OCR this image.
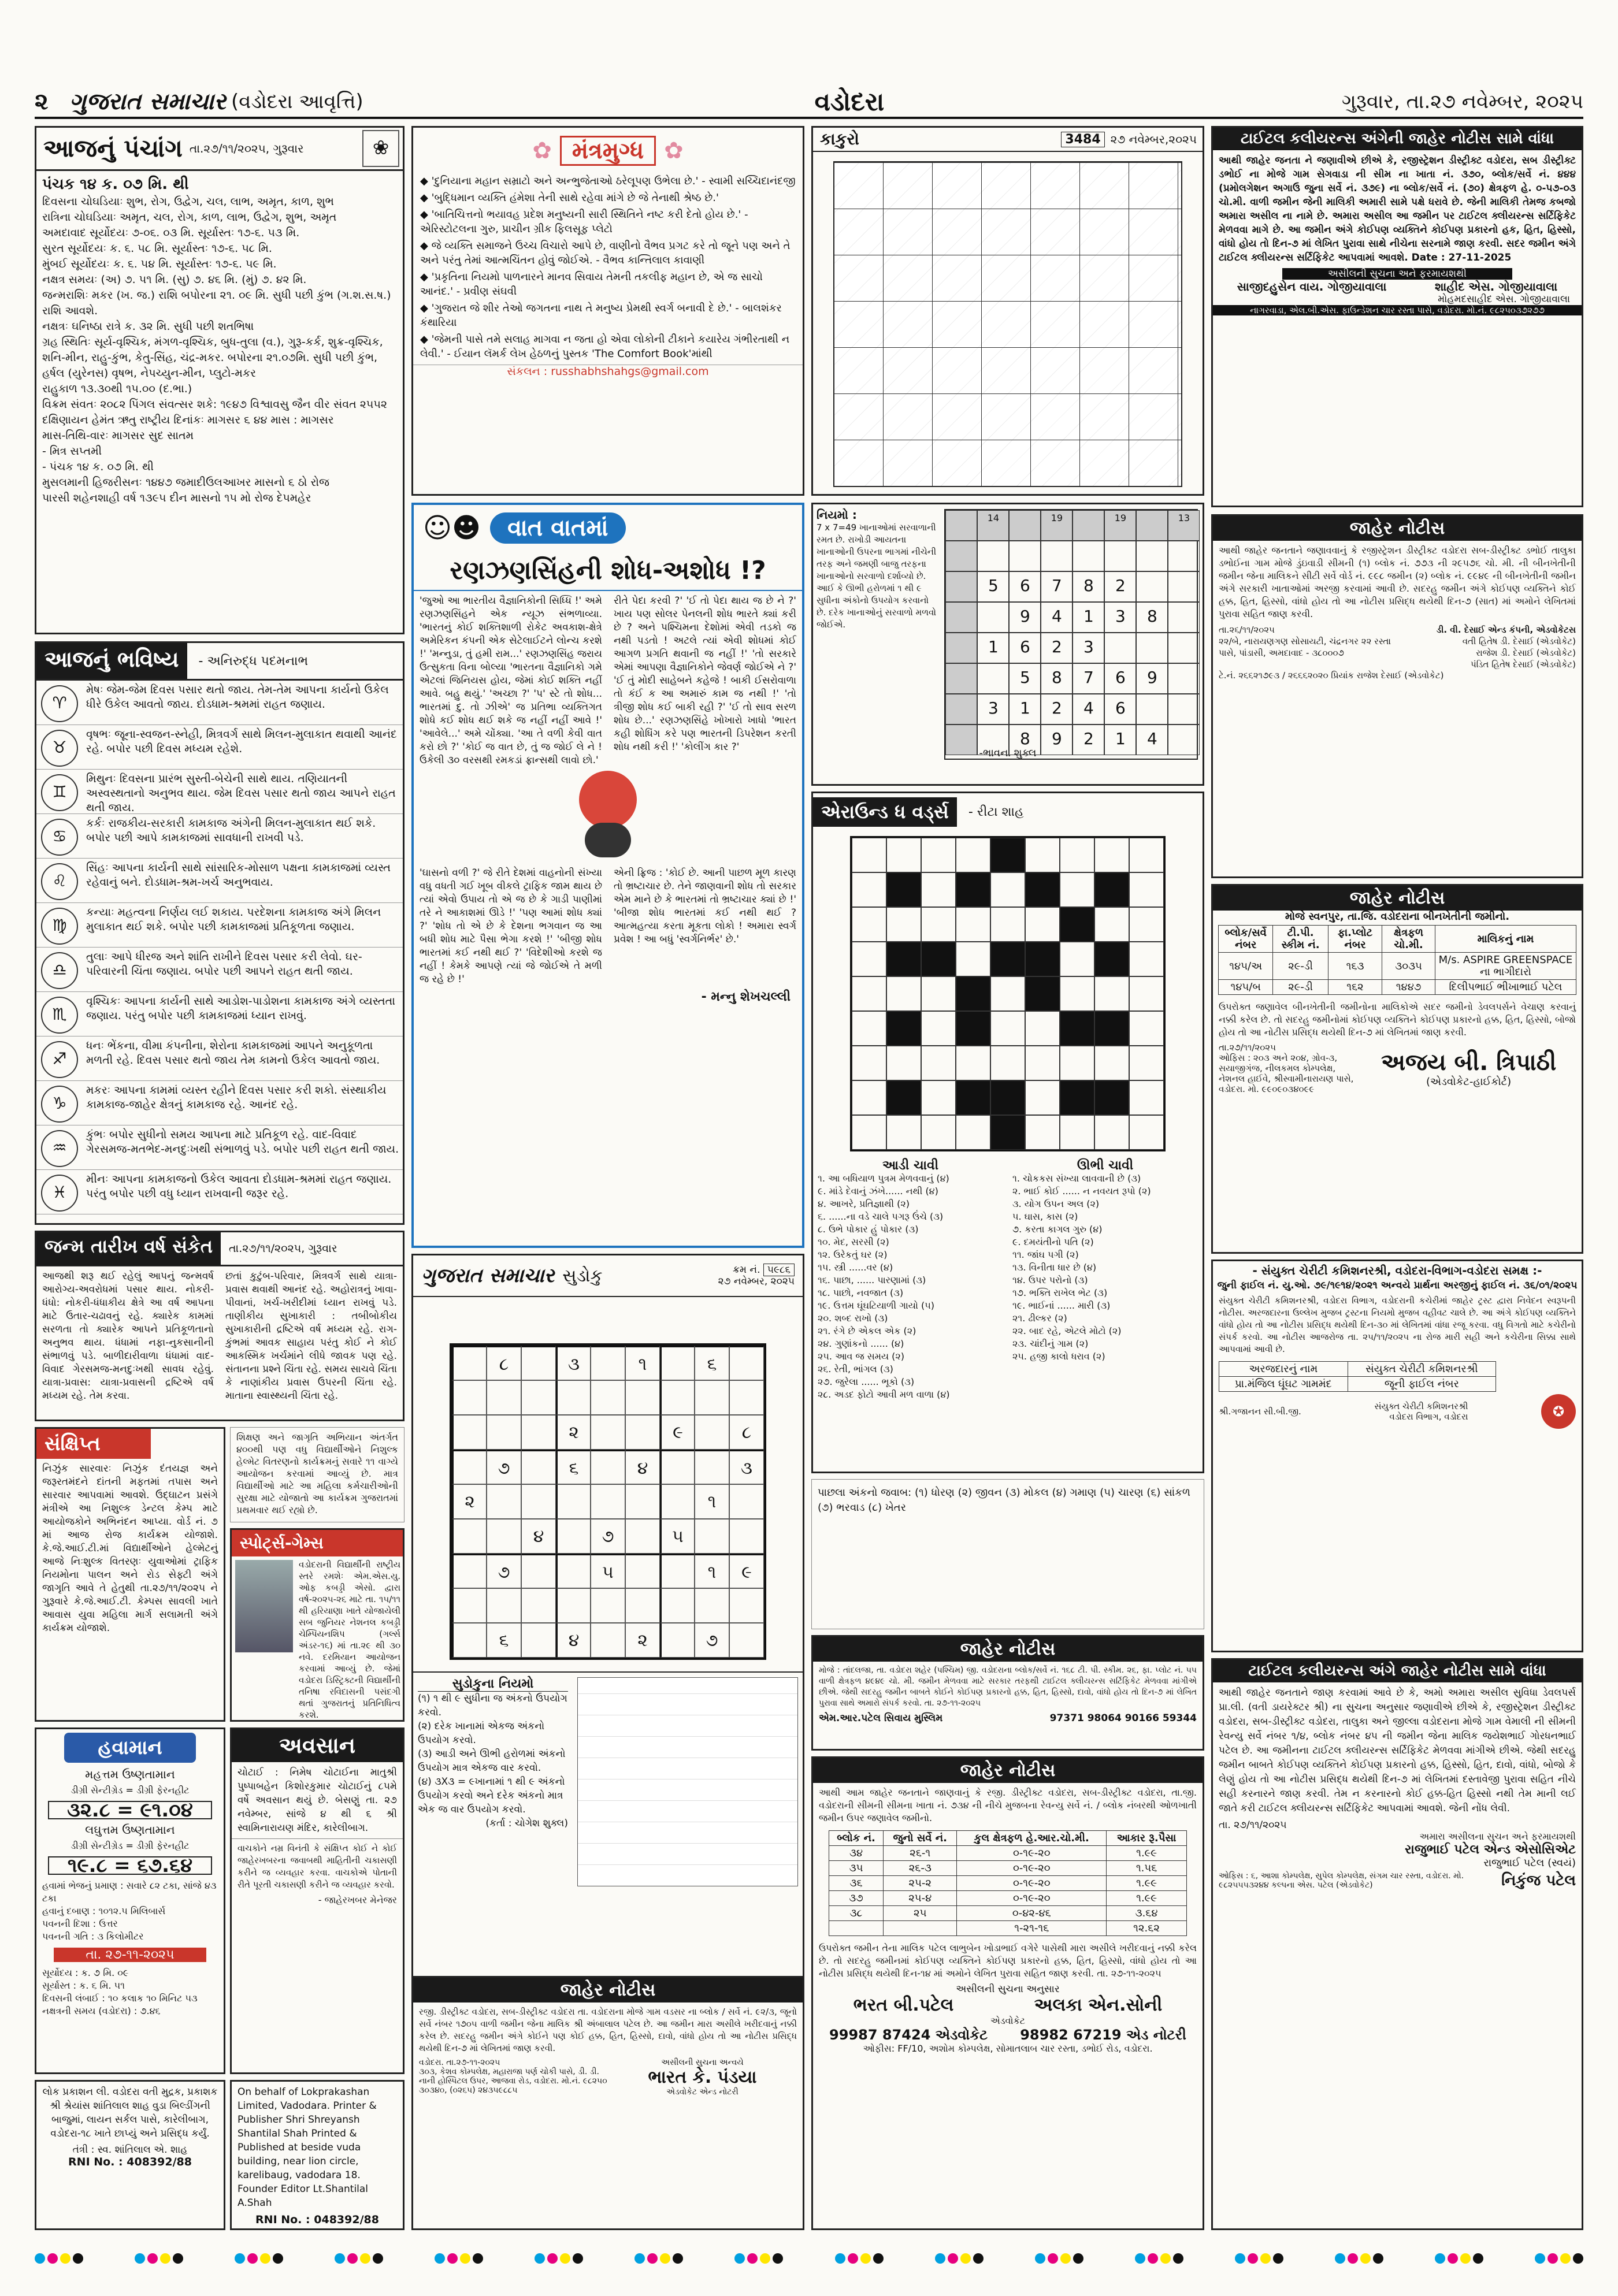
૨ ગુજરાત સમાચાર (વડોદરા આવૃત્તિ)	વડોદરા	ગુરૂવાર, તા.૨૭ નવેમ્બર, ૨૦૨૫
આજનું પંચાંગ તા.૨૭/૧૧/૨૦૨૫, ગુરૂવાર	❀
પંચક ૧૪ ક. ૦૭ મિ. થી
દિવસના ચોઘડિયાઃ શુભ, રોગ, ઉદ્વેગ, ચલ, લાભ, અમૃત, કાળ, શુભ
રાત્રિના ચોઘડિયાઃ અમૃત, ચલ, રોગ, કાળ, લાભ, ઉદ્વેગ, શુભ, અમૃત
અમદાવાદ સૂર્યોદયઃ ૭-૦૬. ૦૩ મિ. સૂર્યાસ્તઃ ૧૭-૬. ૫૩ મિ.
સુરત સૂર્યોદયઃ ક. ૬. ૫૮ મિ. સૂર્યાસ્તઃ ૧૭-૬. ૫૮ મિ.
મુંબઈ સૂર્યોદયઃ ક. ૬. ૫૪ મિ. સૂર્યાસ્તઃ ૧૭-૬. ૫૯ મિ.
નક્ષત્ર સમયઃ (અ) ૭. ૫૧ મિ. (સુ) ૭. ૪૬ મિ. (મું) ૭. ૪૨ મિ.
જન્મરાશિઃ મકર (ખ. જ.) રાશિ બપોરના ૨૧. ૦૯ મિ. સુધી પછી કુંભ (ગ.શ.સ.ષ.) રાશિ આવશે.
નક્ષત્રઃ ઘનિષ્ઠા રાત્રે ક. ૩૨ મિ. સુધી પછી શતભિષા
ગ્રહ સ્થિતિઃ સૂર્ય-વૃશ્ચિક, મંગળ-વૃશ્ચિક, બુધ-તુલા (વ.), ગુરૂ-કર્ક, શુક્ર-વૃશ્ચિક, શનિ-મીન, રાહુ-કુંભ, કેતુ-સિંહ, ચંદ્ર-મકર. બપોરના ૨૧.૦૭મિ. સુધી પછી કુંભ, હર્ષલ (યુરેનસ) વૃષભ, નેપચ્યુન-મીન, પ્લુટો-મકર
રાહુકાળ ૧૩.૩૦થી ૧૫.૦૦ (દ.ભા.)
વિક્રમ સંવતઃ ૨૦૮૨ પિંગલ સંવત્સર શકે: ૧૯૪૭ વિશ્વાવસુ જૈન વીર સંવત ૨૫૫૨ દક્ષિણાયન હેમંત ઋતુ રાષ્ટ્રીય દિનાંકઃ માગસર ૬ ૪૪ માસ : માગસર
માસ-તિથિ-વારઃ માગસર સુદ સાતમ
- મિત્ર સપ્તમી
- પંચક ૧૪ ક. ૦૭ મિ. થી
મુસલમાની હિજરીસનઃ ૧૪૪૭ જમાદીઉલઆખર માસનો ૬ ઠો રોજ
પારસી શહેનશાહી વર્ષ ૧૩૯૫ દીન માસનો ૧૫ મો રોજ દેપમહેર
આજનું ભવિષ્ય	- અનિરુદ્ધ પદમનાભ
♈
મેષઃ જેમ-જેમ દિવસ પસાર થતો જાય. તેમ-તેમ આપના કાર્યનો ઉકેલ ધીરે ઉકેલ આવતો જાય. દોડધામ-શ્રમમાં રાહત જણાય.
♉
વૃષભઃ જૂના-સ્વજન-સ્નેહી, મિત્રવર્ગ સાથે મિલન-મુલાકાત થવાથી આનંદ રહે. બપોર પછી દિવસ મધ્યમ રહેશે.
♊
મિથુનઃ દિવસના પ્રારંભ સુસ્તી-બેચેની સાથે થાય. તણિયાતની અસ્વસ્થતાનો અનુભવ થાય. જેમ દિવસ પસાર થતો જાય આપને રાહત થતી જાય.
♋
કર્કઃ રાજકીય-સરકારી કામકાજ અંગેની મિલન-મુલાકાત થઈ શકે. બપોર પછી આપે કામકાજમાં સાવધાની રાખવી પડે.
♌
સિંહઃ આપના કાર્યની સાથે સાંસારિક-મોસાળ પક્ષના કામકાજમાં વ્યસ્ત રહેવાનું બને. દોડધામ-શ્રમ-ખર્ચ અનુભવાય.
♍
કન્યાઃ મહત્વના નિર્ણય લઈ શકાય. પરદેશના કામકાજ અંગે મિલન મુલાકાત થઈ શકે. બપોર પછી કામકાજમાં પ્રતિકૂળતા જણાય.
♎
તુલાઃ આપે ધીરજ અને શાંતિ રાખીને દિવસ પસાર કરી લેવો. ઘર-પરિવારની ચિંતા જણાય. બપોર પછી આપને રાહત થતી જાય.
♏
વૃશ્ચિકઃ આપના કાર્યની સાથે આડોશ-પાડોશના કામકાજ અંગે વ્યસ્તતા જણાય. પરંતુ બપોર પછી કામકાજમાં ધ્યાન રાખવું.
♐
ધનઃ ભેંકના, વીમા કંપનીના, શેરોના કામકાજમાં આપને અનુકૂળતા મળતી રહે. દિવસ પસાર થતો જાય તેમ કામનો ઉકેલ આવતો જાય.
♑
મકરઃ આપના કામમાં વ્યસ્ત રહીને દિવસ પસાર કરી શકો. સંસ્થાકીય કામકાજ-જાહેર ક્ષેત્રનું કામકાજ રહે. આનંદ રહે.
♒
કુંભઃ બપોર સુધીનો સમય આપના માટે પ્રતિકૂળ રહે. વાદ-વિવાદ ગેરસમજ-મતભેદ-મનદુઃખથી સંભાળવું પડે. બપોર પછી રાહત થતી જાય.
♓
મીનઃ આપના કામકાજનો ઉકેલ આવતા દોડધામ-શ્રમમાં રાહત જણાય. પરંતુ બપોર પછી વધુ ધ્યાન રાખવાની જરૂર રહે.
જન્મ તારીખ વર્ષ સંકેત	તા.૨૭/૧૧/૨૦૨૫, ગુરૂવાર
આજથી શરૂ થઈ રહેલું આપનું જન્મવર્ષ આરોગ્ય-અવરોધમાં પસાર થાય. નોકરી-ધંધો: નોકરી-ધંધાકીય ક્ષેત્રે આ વર્ષ આપના માટે ઉતાર-ચઢાવનું રહે. ક્યારેક કામમાં સરળતા તો ક્યારેક આપને પ્રતિકૂળતાનો અનુભવ થાય. ધંધામાં નફા-નુકસાનીની સંભાળવું પડે. બાળીદારીવાળા ધંધામાં વાદ-વિવાદ ગેરસમજ-મનદુઃખથી સાવધ રહેવું. યાત્રા-પ્રવાસ: યાત્રા-પ્રવાસની દ્રષ્ટિએ વર્ષ મધ્યમ રહે. તેમ કરવા.
છતાં કુટુંબ-પરિવાર, મિત્રવર્ગ સાથે યાત્રા-પ્રવાસ થવાથી આનંદ રહે. અહોરાત્રનું ખાવા-પીવાનાં, ખર્ચ-ખરીદીમાં ધ્યાન રાખવું પડે. તાણીકીય સુખાકારી : તબીબોકીય સુખાકારીની દ્રષ્ટિએ વર્ષ મધ્યમ રહે. રાગ-કુંભમાં આવક સાહાય પરંતુ કોઈ ને કોઈ આકસ્મિક ખર્ચમાંને લીધે જાવક પણ રહે. સંતાનના પ્રશ્ને ચિંતા રહે. સમય સાચવે ચિંતા કે નાણાંકીય પ્રવાસ ઉપરની ચિંતા રહે. માતાના સ્વાસ્થ્યની ચિંતા રહે.
સંક્ષિપ્ત
નિઝુંક સારવારઃ નિઝુંક દંતયજ્ઞ અને જરૂરતમંદને દાંતની મફતમાં તપાસ અને સારવાર આપવામાં આવશે. ઉદ્ઘાટન પ્રસંગે મંત્રીએ આ નિશુલ્ક ડેન્ટલ કેમ્પ માટે આયોજકોને અભિનંદન આપ્યા. વોર્ડ નં. ૭ માં આજ રોજ કાર્યક્રમ યોજાશે. કે.જે.આઈ.ટી.માં વિદ્યાર્થીઓને હેલ્મેટનું આજે નિઃશુલ્ક વિતરણઃ યુવાઓમાં ટ્રાફિક નિયમોના પાલન અને રોડ સેફ્ટી અંગે જાગૃતિ આવે તે હેતુથી તા.૨૭/૧૧/૨૦૨૫ ને ગુરૂવારે કે.જે.આઈ.ટી. કેમ્પસ સાવલી ખાતે આવાસ યુવા મહિલા માર્ગ સલામતી અંગે કાર્યક્રમ યોજાશે.
શિક્ષણ અને જાગૃતિ અભિયાન અંતર્ગત ૪૦૦થી પણ વધુ વિદ્યાર્થીઓને નિશુલ્ક હેલ્મેટ વિતરણનો કાર્યક્રમનું સવારે ૧૧ વાગ્યે આયોજન કરવામાં આવ્યું છે. માત્ર વિદ્યાર્થીઓ માટે આ મહિલા કર્મચારીઓની સુરક્ષા માટે યોજાતો આ કાર્યક્રમ ગુજરાતમાં પ્રથમવાર થઈ રહ્યો છે.
સ્પોર્ટ્સ-ગેમ્સ
વડોદરાની વિદ્યાર્થીની રાષ્ટ્રીય સ્તરે રમશેઃ એમ.એસ.યુ. ઓફ કબડ્ડી એસો. દ્વારા વર્ષ-૨૦૨૫-૨૬ માટે તા. ૧૫/૧૧ થી હરિયાણા ખાતે યોજાયેલી સબ જુનિયર નેશનલ કબડ્ડી ચેમ્પિયનશિપ (ગર્લ્સ અંડર-૧૬) માં તા.૨૯ થી ૩૦ નવે. દરમિયાન આયોજન કરવામાં આવ્યું છે. જેમાં વડોદરા ડિસ્ટ્રિક્ટની વિદ્યાર્થીની તનિષા રવિદાસની પસંદગી થતાં ગુજરાતનું પ્રતિનિધિત્વ કરશે.
હવામાન
મહત્તમ ઉષ્ણતામાન
ડીગ્રી સેન્ટીગ્રેડ = ડીગ્રી ફેરનહીટ
૩૨.૮ = ૯૧.૦૪
લઘુત્તમ ઉષ્ણતામાન
ડીગ્રી સેન્ટીગ્રેડ = ડીગ્રી ફેરનહીટ
૧૯.૮ = ૬૭.૬૪
હવામાં ભેજનું પ્રમાણ : સવારે ૮૨ ટકા, સાંજે ૪૩ ટકા
હવાનું દબાણ : ૧૦૧૨.૫ મિલિબાર્સ
પવનની દિશા : ઉત્તર
પવનની ગતિ : ૩ કિલોમીટર
તા. ૨૭-૧૧-૨૦૨૫
સૂર્યોદય : ક. ૭ મિ. ૦૯
સૂર્યાસ્ત : ક. ૬ મિ. ૫૧
દિવસની લંબાઈ : ૧૦ કલાક ૧૦ મિનિટ ૫૩
નક્ષત્રની સમય (વડોદરા) : ૭.૪૬
અવસાન
ચોટાઈ : નિમેષ ચોટાઈના માતુશ્રી પુષ્પાબહેન કિશોરકુમાર ચોટાઈનું ૮૫મે વર્ષે અવસાન થયું છે. બેસણું તા. ૨૭ નવેમ્બર, સાંજે ૪ થી ૬ શ્રી સ્વામિનારાયણ મંદિર, કારેલીબાગ.
વાચકોને નમ્ર વિનંતી કે સંક્ષિપ્ત કોઈ ને કોઈ જાહેરખબરના જવાબથી માહિતીની ચકાસણી કરીને જ વ્યવહાર કરવા. વાચકોએ પોતાની રીતે પૂરતી ચકાસણી કરીને જ વ્યવહાર કરવો.
- જાહેરખબર મેનેજર
લોક પ્રકાશન લી. વડોદરા વતી મુદ્રક, પ્રકાશક શ્રી શ્રેયાંસ શાંતિલાલ શાહ વુડા બિલ્ડીંગની બાજુમાં, લાયન સર્કલ પાસે, કારેલીબાગ, વડોદરા-૧૮ ખાતે છાપ્યું અને પ્રસિદ્ધ કર્યું.
તંત્રી : સ્વ. શાંતિલાલ એ. શાહ
RNI No. : 408392/88
On behalf of Lokprakashan Limited, Vadodara. Printer & Publisher Shri Shreyansh Shantilal Shah Printed & Published at beside vuda building, near lion circle, karelibaug, vadodara 18. Founder Editor Lt.Shantilal A.Shah
RNI No. : 048392/88
✿ મંત્રમુગ્ધ ✿
◆ 'દુનિયાના મહાન સમ્રાટો અને અન્ભુજેતાઓ ઠરેલૂપણ ઉભેલા છે.' - સ્વામી સચ્ચિદાનંદજી
◆ 'બુદ્ધિમાન વ્યક્તિ હંમેશા તેની સાથે રહેવા માંગે છે જે તેનાથી શ્રેષ્ઠ છે.'
◆ 'બાતિચિત્તનો ભયાવહ પ્રદેશ મનુષ્યની સારી સ્થિતિને નષ્ટ કરી દેતો હોય છે.' - એરિસ્ટોટલના ગુરુ, પ્રાચીન ગ્રીક ફિલસૂફ પ્લેટો
◆ જે વ્યક્તિ સમાજને ઉચ્ચ વિચારો આપે છે, વાણીનો વૈભવ પ્રગટ કરે તો જૂને પણ અને તે અને પરંતુ તેમાં આત્મચિંતન હોવું જોઈએ. - વૈભવ કાન્તિલાલ કાવાણી
◆ 'પ્રકૃતિના નિયમો પાળનારને માનવ સિવાય તેમની તકલીફ મહાન છે, એ જ સાચો આનંદ.' - પ્રવીણ સંઘવી
◆ 'ગુજરાત જે શીર તેઓ જગતના નાથ તે મનુષ્ય પ્રેમથી સ્વર્ગ બનાવી દે છે.' - બાલશંકર કંથારિયા
◆ 'જેમની પાસે તમે સલાહ માગવા ન જતા હો એવા લોકોની ટીકાને કયારેય ગંભીરતાથી ન લેવી.' - ઈયાન લૅમર્ક લેખ હેઠળનું પુસ્તક 'The Comfort Book'માંથી
સંકલન : russhabhshahgs@gmail.com
☺☻	વાત વાતમાં
રણઝણસિંહની શોધ-અશોધ !?
'જુઓ આ ભારતીય વૈજ્ઞાનિકોની સિધ્ધિ !' અમે રણઝણસિંહને એક ન્યૂઝ સંભળાવ્યા. 'ભારતનું કોઈ શક્તિશાળી રોકેટ અવકાશ-ક્ષેત્રે અમેરિકન કંપની એક સેટેલાઈટને લોન્ચ કરશે !' 'મન્નુડા, તું હમી રામ...' રણઝણસિંહ જરાય ઉત્સુકતા વિના બોલ્યા 'ભારતના વૈજ્ઞાનિકો ગમે એટલાં જિનિયસ હોય, જેમાં કોઈ શક્તિ નહીં આવે. બહુ થયું.' 'અચ્છા ?' 'પ' સ્ટે તો શોધ... ભારતમાં દુ. તો ઝીએ' જ પ્રતિભા વ્યક્તિગત શોધે કઈ શોધ થઈ શકે જ નહીં નહીં આવે !' 'આવેલે...' અમે ચોંક્યા. 'આ તે વળી કેવી વાત કરો છો ?' 'કોઈ જ વાત છે, તું જ જોઈ લે ને ! ઉકેલી ૩૦ વરસથી રમકડાં ફ્રાન્સથી લાવો છો.'
રીતે પેદા કરવી ?' 'ઈ તો પેદા થાય જ છે ને ?' ખાય પણ સોલર પેનલની શોધ ભારતે ક્યાં કરી છે ? અને પશ્ચિમના દેશોમાં એવી તડકો જ નથી પડતો ! અટલે ત્યાં એવી શોધમાં કોઈ આગળ પ્રગતિ થવાની જ નહીં !' 'તો સરકારે એમાં આપણા વૈજ્ઞાનિકોને જેવર્ણ જોઈએ ને ?' 'ઈ તું મોદી સાહેબને કહેજે ! બાકી ઈસરોવાળા તો કંઈ ક આ અમારું કામ જ નથી !' 'તો ત્રીજી શોધ કઈ બાકી રહી ?' 'ઈ તો સાવ સરળ શોધ છે...' રણઝણસિંહે ખોખારો ખાધો 'ભારત કહી શોધિંગ કરે પણ ભારતની ડિપરેશન કરતી શોધ નથી કરી !' 'કોલીંગ કાર ?'
'ઘાસનો વળી ?' જે રીતે દેશમાં વાહનોની સંખ્યા વધુ વધતી ગઈ ખૂબ વીકલે ટ્રાફિક જામ થાય છે ત્યાં એવો ઉપાય તો એ જ છે કે ગાડી પાણીમાં તરે ને આકાશમાં ઊડે !' 'પણ આમાં શોધ ક્યાં ?' 'શોધ તો એ છે કે દેશના ભગવાન જ આ બધી શોધ માટે પૈસા ભેગા કરશે !' 'બીજી શોધ ભારતમાં કઈ નથી થઈ ?' 'વિદેશીઓ કરશે જ નહીં ! કેમકે આપણે ત્યાં જે જોઈએ તે મળી જ રહે છે !'
એની ફ્રિજ : 'કોઈ છે. આની પાછળ મૂળ કારણ તો ભ્રષ્ટાચાર છે. તેને જાણવાની શોધ તો સરકાર એમ માને છે કે ભારતમાં તો ભ્રષ્ટાચાર ક્યાં છે !' 'બીજા શોધ ભારતમાં કઈ નથી થઈ ? આત્મહત્યા કરતા મૂકતા લોકો ! અમારા સ્વર્ગ પ્રવેશ ! આ બધું 'સ્વર્ગનિર્ભર' છે.'
- મન્નુ શેખચલ્લી
ગુજરાત સમાચાર સુડોકુ	ક્રમ નં. ૫૯૮૬
૨૭ નવેમ્બર, ૨૦૨૫
૮	૩	૧	૬
૨	૯	૮
૭	૬	૪	૩
૨	૧
૪	૭	૫
૭	૫	૧	૯
૬	૪	૨	૭
સુડોકુના નિયમો
(૧) ૧ થી ૯ સુધીના જ અંકનો ઉપયોગ કરવો.
(૨) દરેક ખાનામાં એકજ અંકનો ઉપયોગ કરવો.
(૩) આડી અને ઊભી હરોળમાં અંકનો ઉપયોગ માત્ર એકજ વાર કરવો.
(૪) ૩X૩ = ૯ખાનામાં ૧ થી ૯ અંકનો ઉપયોગ કરવો અને દરેક અંકનો માત્ર એક જ વાર ઉપયોગ કરવો.
(કર્તા : ચોગેશ શુક્લ)
કાકુરો	3484 ૨૭ નવેમ્બર,૨૦૨૫
નિયમો :
7 x 7=49 ખાનાઓમાં સરવાળાની રમત છે. રાખોડી આયતના ખાનાઓની ઉપરના ભાગમાં નીચેની તરફ અને જમણી બાજુ તરફના ખાનાઓનો સરવાળો દર્શાવ્યો છે. આઈ કે ઊભી હરોળમાં ૧ થી ૯ સુધીના અંકોનો ઉપયોગ કરવાનો છે. દરેક ખાનાઓનું સરવાળો મળવો જોઈએ.
14	19	19	13
5	6	7	8	2
9	4	1	3	8
1	6	2	3
5	8	7	6	9
3	1	2	4	6
8	9	2	1	4
-ભાવના શુક્લ
એરાઉન્ડ ધ વર્ડ્સ	- રીટા શાહ
આડી ચાવી
૧. આ બધિયાળ પુત્રમ મેળવવાનું (૪)
૯. માંડે દેવાનું ઝંખે...... નથી (૪)
૪. આખરે, પ્રતિજ્ઞાથી (૨)
૬. ......ના વડે ચાલે પગરૂ ઉંચે (૩)
૮. ઉભે પોકાર હું પોકાર (૩)
૧૦. મેદ, સરસી (૨)
૧૨. ઉરેકતું ઘર (૨)
૧૫. સ્ત્રી ......વર (૪)
૧૬. પાછા, ...... પારણામાં (૩)
૧૮. પાછો, નવજાત (૩)
૧૯. ઉત્તમ ઘૂંઘટિયાળી ગાયો (૫)
૨૦. શબ્દ રાખો (૩)
૨૧. રંગે છે એકલ એક (૨)
૨૪. ગુણાંકનો ...... (૪)
૨૫. આવ જ સમય (૨)
૨૬. રેતી, ભાંગલ (૩)
૨૭. જુરેલા ...... ભૂકો (૩)
૨૮. અડદ ફોટો આવી મળ વાળા (૪)
ઊભી ચાવી
૧. ચોકકસ સંખ્યા લાવવાની છે (૩)
૨. ભાઈ કોઈ ...... ન નવયત રૂપો (૨)
૩. યોગ ઉપન અલ (૨)
૫. ઘાસ, કાસ (૨)
૭. કરતા કાગલ ગુરુ (૪)
૯. દમયંતીનો પતિ (૨)
૧૧. જાંઘ પગી (૨)
૧૩. વિનીતા ધાર છે (૪)
૧૪. ઉપર પરોનો (૩)
૧૭. ભક્તિ રાખેલ ભેટ (૩)
૧૯. ભાઈનાં ...... મારી (૩)
૨૧. ઢીલ્કર (૨)
૨૨. બાદ રહે, એટલે મોટો (૨)
૨૩. ચાંદીનું ગામ (૨)
૨૫. હજી કાલો ધરાવ (૨)
પાછલા અંકનો જવાબ: (૧) ધોરણ (૨) જીવન (૩) મોકલ (૪) ગમાણ (૫) ચારણ (૬) સાંકળ (૭) ભરવાડ (૮) ખેતર
જાહેર નોટીસ
મોજે : તાંદલજા, તા. વડોદરા શહેર (પશ્ચિમ) જી. વડોદરાના બ્લોક/સર્વે નં. ૧૬૮ ટી. પી. સ્કીમ. ૨૬, ફા. પ્લોટ નં. ૫૫ વાળી ક્ષેત્રફળ ૪૯૪૯ ચો. મી. જમીન મેળવવા માટે સરકાર તરફથી ટાઈટલ ક્લીયરન્સ સર્ટિફિકેટ મેળવવા માંગીએ છીએ. જેથી સદરહુ જમીન બાબતે કોઈને કોઈપણ પ્રકારનો હક્ક, હિત, હિસ્સો, દાવો, વાંધો હોય તો દિન-૭ માં લેખિત પુરાવા સાથે અમારો સંપર્ક કરવો. તા. ૨૭-૧૧-૨૦૨૫
એમ.આર.પટેલ સિવાય મુસ્લિમ	97371 98064 90166 59344
જાહેર નોટીસ
આથી આમ જાહેર જનતાને જાણવાનું કે રજી. ડીસ્ટ્રીક્ટ વડોદરા, સબ-ડીસ્ટ્રીક્ટ વડોદરા, તા.જી. વડોદરાની સીમની સીમના ખાતા નં. ૭૩૪ ની નીચે મુજબના રેવન્યુ સર્વે નં. / બ્લોક નંબરથી ઓળખાતી જમીન ઉપર જણાવેલ જમીનો.
બ્લોક નં.	જુનો સર્વે નં.	કુલ ક્ષેત્રફળ હે.આર.ચો.મી.	આકાર રૂ.પૈસા
૩૪	૨૬-૧	૦-૧૯-૨૦	૧.૯૯
૩૫	૨૬-૩	૦-૧૯-૨૦	૧.૫૬
૩૬	૨૫-૨	૦-૧૯-૨૦	૧.૯૯
૩૭	૨૫-૪	૦-૧૯-૨૦	૧.૯૯
૩૮	૨૫	૦-૪૨-૪૬	૩.૬૪
		૧-૨૧-૧૬	૧૨.૬૨
ઉપરોક્ત જમીન તેના માલિક પટેલ લાભુબેન ખોડાભાઈ વગેરે પાસેથી મારા અસીલે ખરીદવાનું નક્કી કરેલ છે. તો સદરહુ જમીનમાં કોઈપણ વ્યક્તિને કોઈપણ પ્રકારનો હક્ક, હિત, હિસ્સો, વાંધો હોય તો આ નોટીસ પ્રસિદ્ધ થયેથી દિન-૧૪ માં અમોને લેખિત પુરાવા સહિત જાણ કરવી. તા. ૨૭-૧૧-૨૦૨૫
અસીલની સુચના અનુસાર
ભરત બી.પટેલ	અલકા એન.સોની
એડવોકેટ
99987 87424 એડવોકેટ 98982 67219 એડ નોટરી
ઓફીસ: FF/10, અશોમ કોમ્પલેક્ષ, સોમાતલાબ ચાર રસ્તા, ડભોઈ રોડ, વડોદરા.
ટાઈટલ કલીયરન્સ અંગેની જાહેર નોટીસ સામે વાંધા
આથી જાહેર જનતા ને જણાવીએ છીએ કે, રજીસ્ટ્રેશન ડીસ્ટ્રીક્ટ વડોદરા, સબ ડીસ્ટ્રીક્ટ ડભોઈ ના મોજે ગામ સેગવાડા ની સીમ ના ખાતા નં. ૩૭૦, બ્લોક/સર્વે નં. ૪૪૪ (પ્રમોલગેશન અગાઉ જુના સર્વે નં. ૩૭૯) ના બ્લોક/સર્વે નં. (૭૦) ક્ષેત્રફળ હે. ૦-૫૭-૦૩ ચો.મી. વાળી જમીન જેની માલિકી અમારી સામે પક્ષે ધરાવે છે. જેની માલિકી તેમજ કબજો અમારા અસીલ ના નામે છે. અમારા અસીલ આ જમીન પર ટાઈટલ ક્લીયરન્સ સર્ટિફિકેટ મેળવવા માગે છે. આ જમીન અંગે કોઈપણ વ્યક્તિને કોઈપણ પ્રકારનો હક, હિત, હિસ્સો, વાંધો હોય તો દિન-૭ માં લેખિત પુરાવા સાથે નીચેના સરનામે જાણ કરવી. સદર જમીન અંગે ટાઈટલ ક્લીયરન્સ સર્ટિફિકેટ આપવામાં આવશે. Date : 27-11-2025
અસીલની સુચના અને ફરમાયશથી
સાજીદહુસેન વાય. ગોજીયાવાલા	શાહીદ એસ. ગોજીયાવાલા
મોહમદસાહીદ એસ. ગોજીયાવાલા
નાગરવાડા, એલ.બી.એસ. ફાઉન્ડેશન ચાર રસ્તા પાસે, વડોદરા. મો.નં. ૯૮૨૫૦૩૭૨૭૭
જાહેર નોટીસ
આથી જાહેર જનતાને જણાવવાનું કે રજીસ્ટ્રેશન ડીસ્ટ્રીક્ટ વડોદરા સબ-ડીસ્ટ્રીક્ટ ડભોઈ તાલુકા ડભોઈના ગામ મોજે ડુંઇવાડી સીમની (૧) બ્લોક નં. ૭૭૩ ની ૨૯૫૭૬ ચો. મી. ની બીનખેતીની જમીન જેના માલિકને સીટી સર્વે વોર્ડ નં. ૯૯૮ જમીન (૨) બ્લોક નં. ૯૯૪૯ ની બીનખેતીની જમીન અંગે સરકારી ખાતાઓમાં અરજી કરવામાં આવી છે. સદરહુ જમીન અંગે કોઈપણ વ્યક્તિને કોઈ હક્ક, હિત, હિસ્સો, વાંધો હોય તો આ નોટીસ પ્રસિદ્ધ થયેથી દિન-૭ (સાત) માં અમોને લેખિતમાં પુરાવા સહિત જાણ કરવી.
તા.૨૬/૧૧/૨૦૨૫
૨૨/બે, નારાયણગણ સોસાયટી, ચંદ્રનગર ૨૨ રસ્તા પાસે, પાંડાસી, અમદાવાદ - ૩૮૦૦૦૭
ડી. વી. દેસાઈ એન્ડ કંપની, એડવોકેટસ
વતી હિતેષ ડી. દેસાઈ (એડવોકેટ)
રાજેશ ડી. દેસાઈ (એડવોકેટ)
પંડિત હિતેષ દેસાઈ (એડવોકેટ)
ટે.નં. ૨૬૬૨૧૭૯૩ / ૨૬૬૬૨૦૨૦ પ્રિયાંક રાજેશ દેસાઈ (એડવોકેટ)
જાહેર નોટીસ
મોજે સ્વનપુર, તા.જિ. વડોદરાના બીનખેતીની જમીનો.
બ્લોક/સર્વે નંબર	ટી.પી. સ્કીમ નં.	ફા.પ્લોટ નંબર	ક્ષેત્રફળ ચો.મી.	માલિકનું નામ
૧૪૫/અ	૨૯-ડી	૧૬૩	૩૦૩૫	M/s. ASPIRE GREENSPACE ના ભાગીદારો
૧૪૫/બ	૨૯-ડી	૧૬૨	૧૪૪૭	દિલીપભાઈ ભીખાભાઈ પટેલ
ઉપરોક્ત જણાવેલ બીનખેતીની જમીનોના માલિકોએ સદર જમીનો ડેવલપર્સને વેચાણ કરવાનું નક્કી કરેલ છે. તો સદરહુ જમીનોમાં કોઈપણ વ્યક્તિને કોઈપણ પ્રકારનો હક્ક, હિત, હિસ્સો, બોજો હોય તો આ નોટીસ પ્રસિદ્ધ થયેથી દિન-૭ માં લેખિતમાં જાણ કરવી.
તા.૨૭/૧૧/૨૦૨૫
ઓફિસ : ૨૦૩ અને ૨૦૪, ગ્રોવ-૩, સયાજીગંજ, નીલકમલ કોમ્પલેક્ષ, નેશનલ હાઈવે, શ્રીસ્વામીનારાયણ પાસે, વડોદરા. મો. ૯૯૦૯૦૩૪૦૯૯
અજય બી. ત્રિપાઠી
(એડવોકેટ-હાઈકોર્ટ)
- સંયુક્ત ચેરીટી કમિશનરશ્રી, વડોદરા-વિભાગ-વડોદરા સમક્ષ :-
જુની ફાઈલ નં. યુ.ઓ. ૭૯/૧૯૧૪/૨૦૨૧ અન્વયે પ્રાર્થના અરજીનું ફાઈલ નં. ૩૬/૦૧/૨૦૨૫
સંયુક્ત ચેરીટી કમિશનરશ્રી, વડોદરા વિભાગ, વડોદરાની કચેરીમાં જાહેર ટ્રસ્ટ દ્વારા નિવેદન સ્વરૂપની નોટીસ. અરજદારના ઉલ્લેખ મુજબ ટ્રસ્ટના નિયમો મુજબ વહીવટ ચાલે છે. આ અંગે કોઈપણ વ્યક્તિને વાંધો હોય તો આ નોટીસ પ્રસિદ્ધ થયેથી દિન-૩૦ માં લેખિતમાં વાંધા રજૂ કરવા. વધુ વિગતો માટે કચેરીનો સંપર્ક કરવો. આ નોટીસ આજરોજ તા. ૨૫/૧૧/૨૦૨૫ ના રોજ મારી સહી અને કચેરીના સિક્કા સાથે આપવામાં આવી છે.
અરજદારનું નામ	સંયુક્ત ચેરીટી કમિશનરશ્રી
પ્રા.મંજિલ ઘૂંઘટ ગામમંદ	જૂની ફાઈલ નંબર
શ્રી.ગજાનન સી.બી.જી.	સંયુક્ત ચેરીટી કમિશનરશ્રી
વડોદરા વિભાગ, વડોદરા	✪
ટાઈટલ કલીયરન્સ અંગે જાહેર નોટીસ સામે વાંધા
આથી જાહેર જનતાને જાણ કરવામાં આવે છે કે, અમો અમારા અસીલ સુવિધા ડેવલપર્સ પ્રા.લી. (વતી ડાયરેક્ટર શ્રી) ના સુચના અનુસાર જણાવીએ છીએ કે, રજીસ્ટ્રેશન ડીસ્ટ્રીક્ટ વડોદરા, સબ-ડીસ્ટ્રીક્ટ વડોદરા, તાલુકા અને જીલ્લા વડોદરાના મોજે ગામ વેમાલી ની સીમની રેવન્યુ સર્વે નંબર ૧/૪, બ્લોક નંબર ૪૫ ની જમીન જેના માલિક જયેશભાઈ ગોરધનભાઈ પટેલ છે. આ જમીનના ટાઈટલ ક્લીયરન્સ સર્ટિફિકેટ મેળવવા માંગીએ છીએ. જેથી સદરહુ જમીન બાબતે કોઈપણ વ્યક્તિને કોઈપણ પ્રકારનો હક્ક, હિસ્સો, હિત, દાવો, વાંધો, બોજો કે લેણું હોય તો આ નોટીસ પ્રસિદ્ધ થયેથી દિન-૭ માં લેખિતમાં દસ્તાવેજી પુરાવા સહિત નીચે સહી કરનારને જાણ કરવી. તેમ ન કરનારનો કોઈ હક્ક-હિત હિસ્સો નથી તેમ માની લઈ જાતે કરી ટાઈટલ ક્લીયરન્સ સર્ટિફિકેટ આપવામાં આવશે. જેની નોંધ લેવી.
તા. ૨૭/૧૧/૨૦૨૫
અમારા અસીલના સુચન અને ફરમાયશથી
રાજુભાઈ પટેલ એન્ડ એસોસિએટ
રાજુભાઈ પટેલ (સ્વયં)
ઓફિસ : ૬, આશા કોમ્પલેક્ષ, સુપેલ કોમ્પલેક્ષ, સંગમ ચાર રસ્તા, વડોદરા. મો. ૯૮૨૫૫૫૩૨૪૪ કલ્પના એસ. પટેલ (એડવોકેટ)	નિકુંજ પટેલ
જાહેર નોટીસ
રજી. ડીસ્ટ્રીક્ટ વડોદરા, સબ-ડીસ્ટ્રીક્ટ વડોદરા તા. વડોદરાના મોજે ગામ વડસર ના બ્લોક / સર્વે નં. ૯૨/૩, જૂનો સર્વે નંબર ૧૭૦૫ વાળી જમીન જેના માલિક શ્રી અંબાલાલ પટેલ છે. આ જમીન મારા અસીલે ખરીદવાનું નક્કી કરેલ છે. સદરહુ જમીન અંગે કોઈને પણ કોઈ હક્ક, હિત, હિસ્સો, દાવો, વાંધો હોય તો આ નોટીસ પ્રસિદ્ધ થયેથી દિન-૭ માં લેખિતમાં જાણ કરવી.
વડોદરા. તા.૨૭-૧૧-૨૦૨૫
૩૦૩, કેશવ કોમ્પલેક્ષ, મહારાજા પર્ણ ચોકી પાસે, ડી. ડી. નાની હોસ્પિટલ ઉપર, આજવા રોડ, વડોદરા. મો.નં. ૯૮૨૫૦ ૩૦૩૪૦, (૦૨૬૫) ૨૪૩૫૯૮૮૫
અસીલની સુચના અન્વયે
ભારત કે. પંડયા
એડવોકેટ એન્ડ નોટરી
